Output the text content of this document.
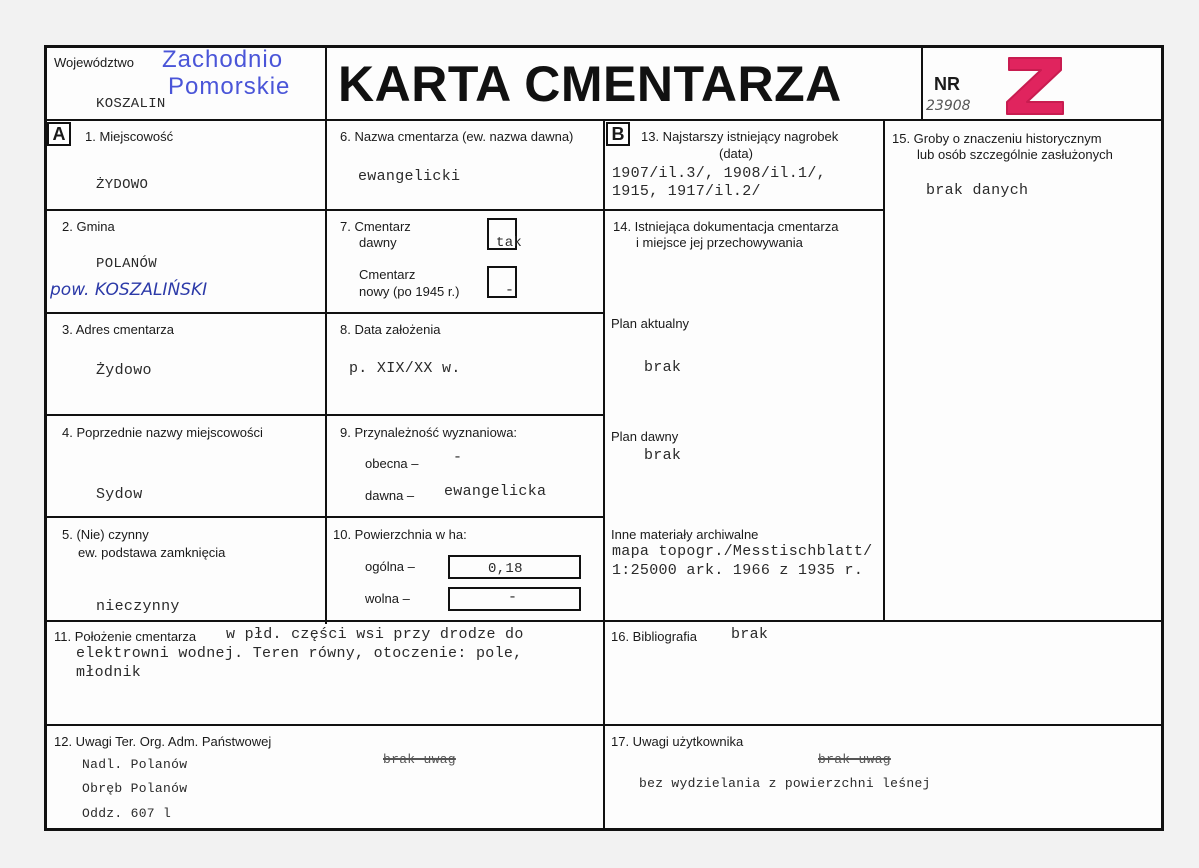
Województwo Zachodnio
Pomorskie
KOSZALIN	KARTA CMENTARZA	NR
23908
A	B
1. Miejscowość
ŻYDOWO
2. Gmina
POLANÓW
pow. KOSZALIŃSKI
3. Adres cmentarza
Żydowo
4. Poprzednie nazwy miejscowości
Sydow
5. (Nie) czynny
ew. podstawa zamknięcia
nieczynny
6. Nazwa cmentarza (ew. nazwa dawna)
ewangelicki
7. Cmentarz
dawny	tak
Cmentarz
nowy (po 1945 r.)	-
8. Data założenia
p. XIX/XX w.
9. Przynależność wyznaniowa:
obecna – -
dawna – ewangelicka
10. Powierzchnia w ha:
ogólna –	0,18
wolna –	-
13. Najstarszy istniejący nagrobek
(data)
1907/il.3/, 1908/il.1/,
1915, 1917/il.2/
14. Istniejąca dokumentacja cmentarza
i miejsce jej przechowywania
Plan aktualny
brak
Plan dawny
brak
Inne materiały archiwalne
mapa topogr./Messtischblatt/
1:25000 ark. 1966 z 1935 r.
15. Groby o znaczeniu historycznym
lub osób szczególnie zasłużonych
brak danych
11. Położenie cmentarza w płd. części wsi przy drodze do
elektrowni wodnej. Teren równy, otoczenie: pole,
młodnik
16. Bibliografia brak
12. Uwagi Ter. Org. Adm. Państwowej
brak uwag
Nadl. Polanów
Obręb Polanów
Oddz. 607 l
17. Uwagi użytkownika
brak uwag
bez wydzielania z powierzchni leśnej
